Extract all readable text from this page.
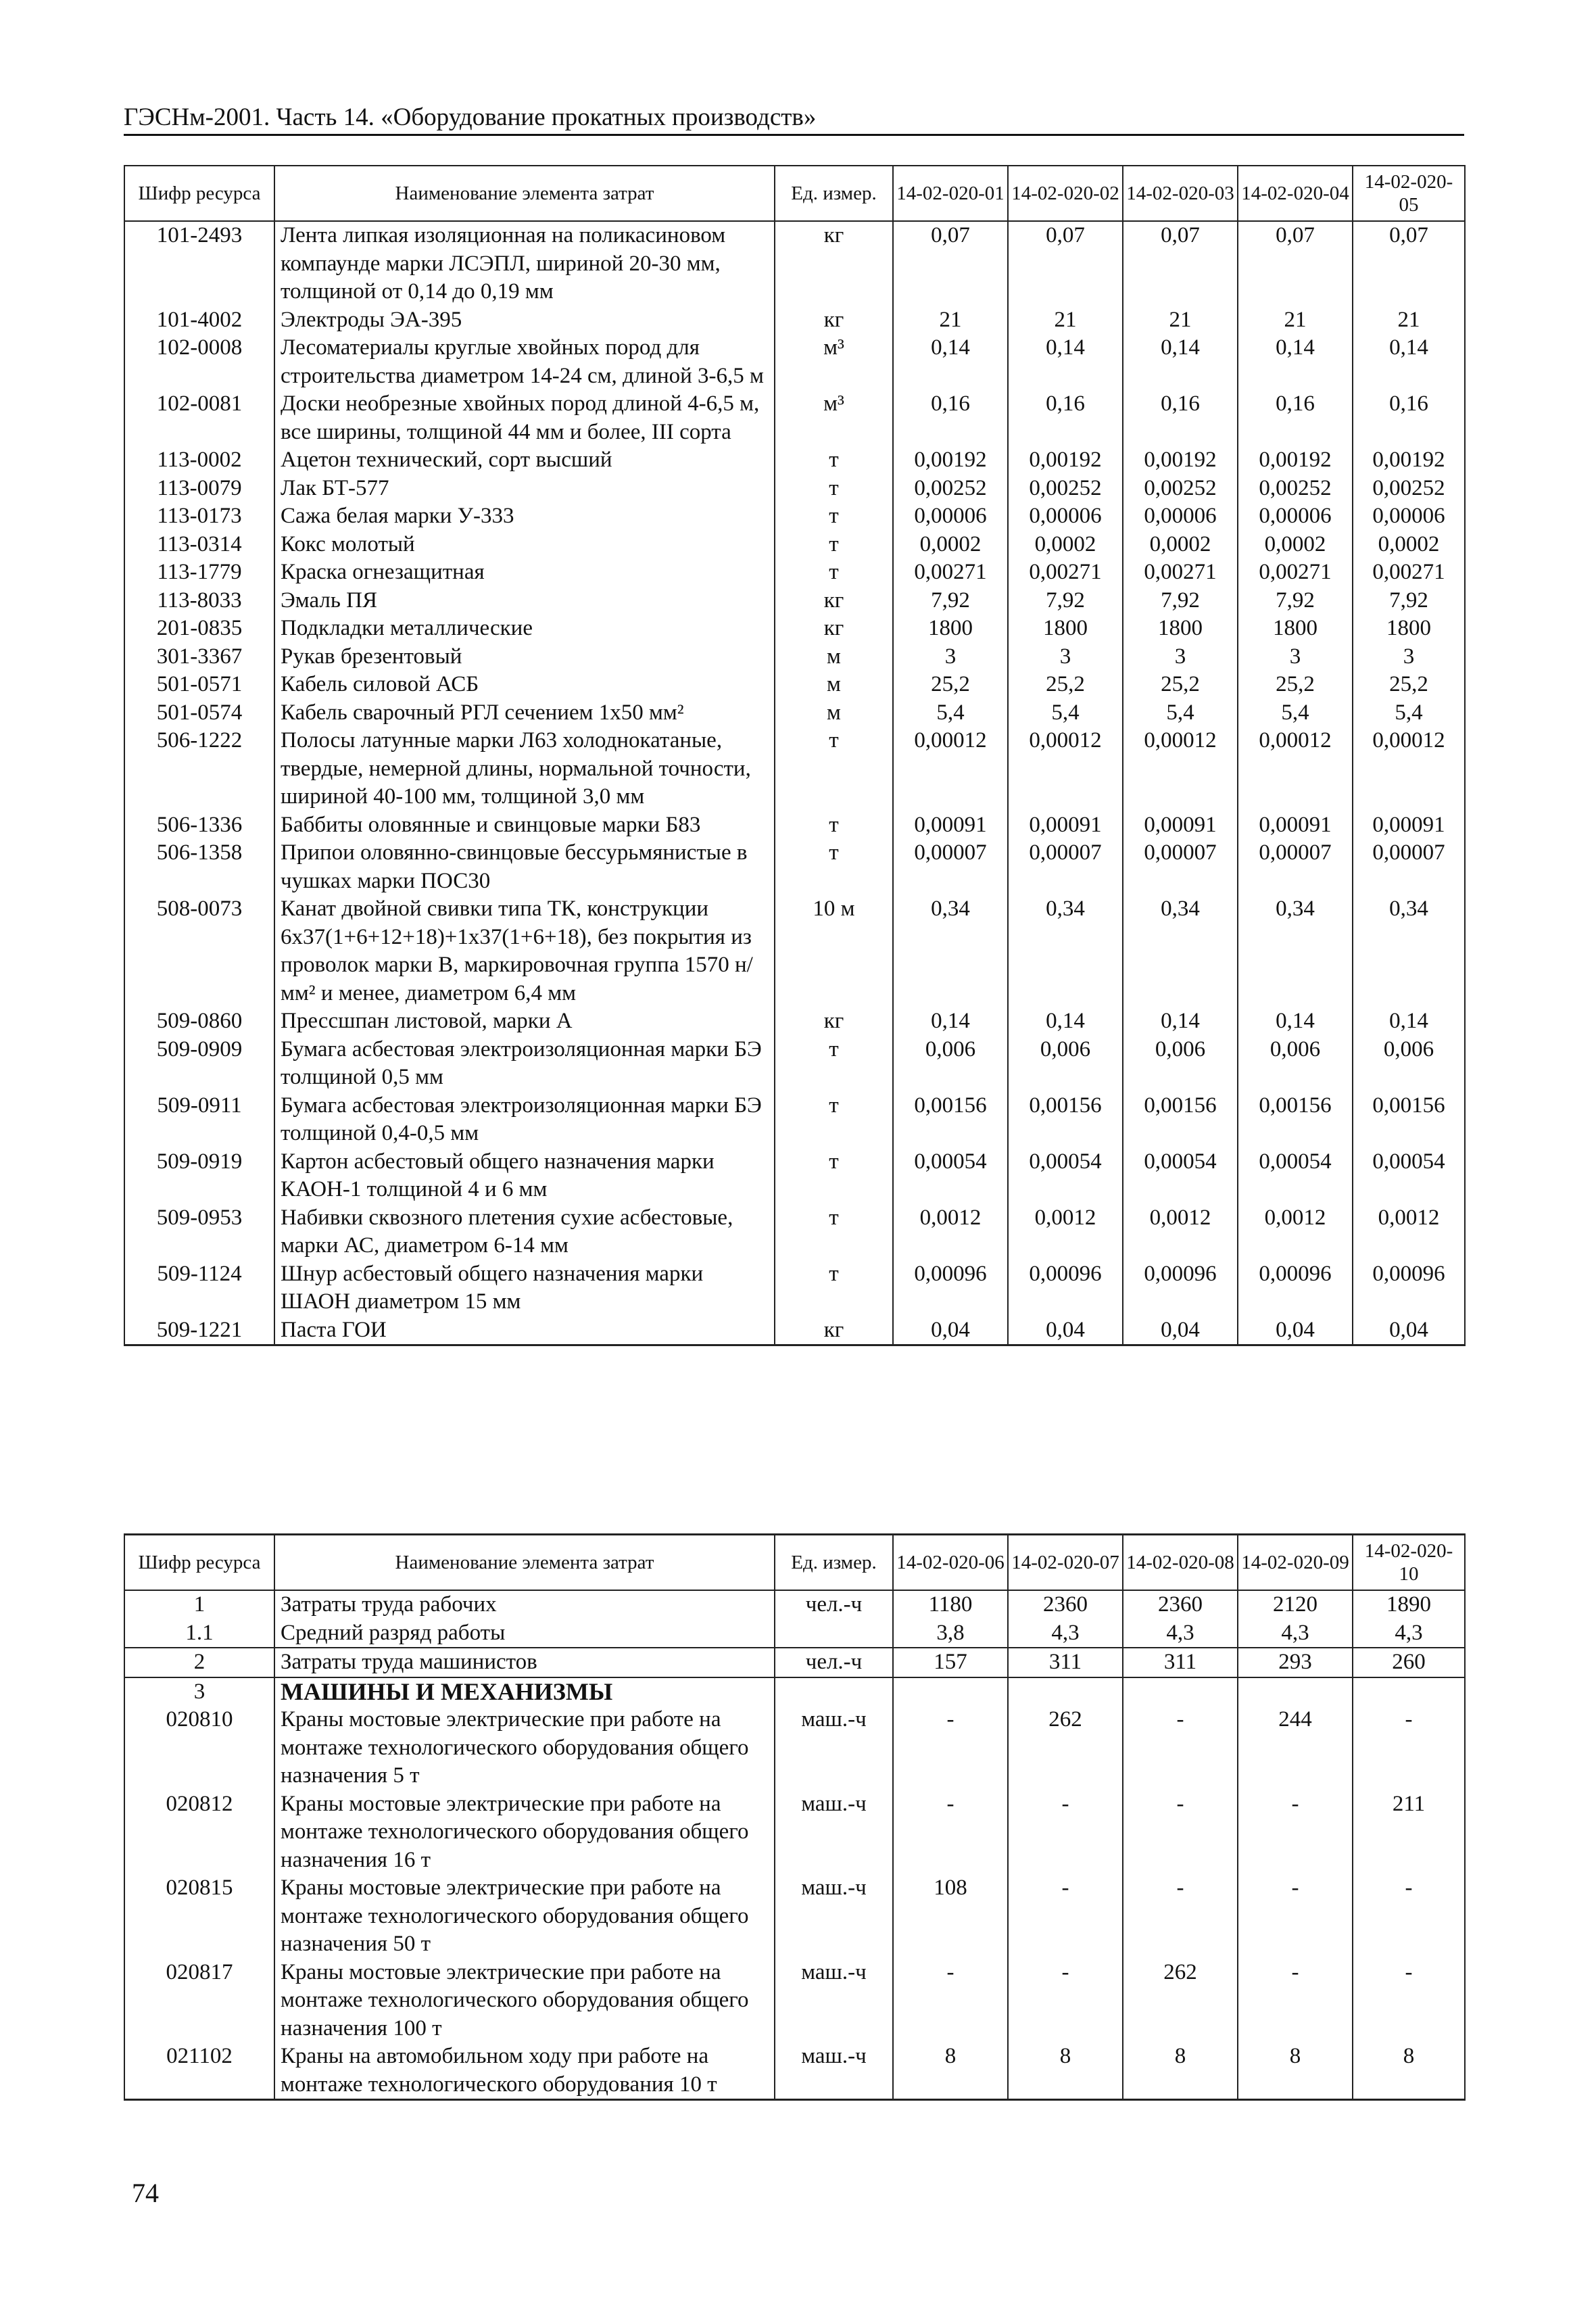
ГЭСНм-2001. Часть 14. «Оборудование прокатных производств»
Шифр ресурса	Наименование элемента затрат	Ед. измер.	14-02-020-01	14-02-020-02	14-02-020-03	14-02-020-04	14-02-020-05
101-2493	Лента липкая изоляционная на поликасиновом компаунде марки ЛСЭПЛ, шириной 20-30 мм, толщиной от 0,14 до 0,19 мм	кг	0,07	0,07	0,07	0,07	0,07
101-4002	Электроды ЭА-395	кг	21	21	21	21	21
102-0008	Лесоматериалы круглые хвойных пород для строительства диаметром 14-24 см, длиной 3-6,5 м	м³	0,14	0,14	0,14	0,14	0,14
102-0081	Доски необрезные хвойных пород длиной 4-6,5 м, все ширины, толщиной 44 мм и более, III сорта	м³	0,16	0,16	0,16	0,16	0,16
113-0002	Ацетон технический, сорт высший	т	0,00192	0,00192	0,00192	0,00192	0,00192
113-0079	Лак БТ-577	т	0,00252	0,00252	0,00252	0,00252	0,00252
113-0173	Сажа белая марки У-333	т	0,00006	0,00006	0,00006	0,00006	0,00006
113-0314	Кокс молотый	т	0,0002	0,0002	0,0002	0,0002	0,0002
113-1779	Краска огнезащитная	т	0,00271	0,00271	0,00271	0,00271	0,00271
113-8033	Эмаль ПЯ	кг	7,92	7,92	7,92	7,92	7,92
201-0835	Подкладки металлические	кг	1800	1800	1800	1800	1800
301-3367	Рукав брезентовый	м	3	3	3	3	3
501-0571	Кабель силовой АСБ	м	25,2	25,2	25,2	25,2	25,2
501-0574	Кабель сварочный РГЛ сечением 1х50 мм²	м	5,4	5,4	5,4	5,4	5,4
506-1222	Полосы латунные марки Л63 холоднокатаные, твердые, немерной длины, нормальной точности, шириной 40-100 мм, толщиной 3,0 мм	т	0,00012	0,00012	0,00012	0,00012	0,00012
506-1336	Баббиты оловянные и свинцовые марки Б83	т	0,00091	0,00091	0,00091	0,00091	0,00091
506-1358	Припои оловянно-свинцовые бессурьмянистые в чушках марки ПОС30	т	0,00007	0,00007	0,00007	0,00007	0,00007
508-0073	Канат двойной свивки типа ТК, конструкции 6х37(1+6+12+18)+1х37(1+6+18), без покрытия из проволок марки В, маркировочная группа 1570 н/мм² и менее, диаметром 6,4 мм	10 м	0,34	0,34	0,34	0,34	0,34
509-0860	Прессшпан листовой, марки А	кг	0,14	0,14	0,14	0,14	0,14
509-0909	Бумага асбестовая электроизоляционная марки БЭ толщиной 0,5 мм	т	0,006	0,006	0,006	0,006	0,006
509-0911	Бумага асбестовая электроизоляционная марки БЭ толщиной 0,4-0,5 мм	т	0,00156	0,00156	0,00156	0,00156	0,00156
509-0919	Картон асбестовый общего назначения марки КАОН-1 толщиной 4 и 6 мм	т	0,00054	0,00054	0,00054	0,00054	0,00054
509-0953	Набивки сквозного плетения сухие асбестовые, марки АС, диаметром 6-14 мм	т	0,0012	0,0012	0,0012	0,0012	0,0012
509-1124	Шнур асбестовый общего назначения марки ШАОН диаметром 15 мм	т	0,00096	0,00096	0,00096	0,00096	0,00096
509-1221	Паста ГОИ	кг	0,04	0,04	0,04	0,04	0,04
Шифр ресурса	Наименование элемента затрат	Ед. измер.	14-02-020-06	14-02-020-07	14-02-020-08	14-02-020-09	14-02-020-10
1	Затраты труда рабочих	чел.-ч	1180	2360	2360	2120	1890
1.1	Средний разряд работы		3,8	4,3	4,3	4,3	4,3
2	Затраты труда машинистов	чел.-ч	157	311	311	293	260
3	МАШИНЫ И МЕХАНИЗМЫ						
020810	Краны мостовые электрические при работе на монтаже технологического оборудования общего назначения 5 т	маш.-ч	-	262	-	244	-
020812	Краны мостовые электрические при работе на монтаже технологического оборудования общего назначения 16 т	маш.-ч	-	-	-	-	211
020815	Краны мостовые электрические при работе на монтаже технологического оборудования общего назначения 50 т	маш.-ч	108	-	-	-	-
020817	Краны мостовые электрические при работе на монтаже технологического оборудования общего назначения 100 т	маш.-ч	-	-	262	-	-
021102	Краны на автомобильном ходу при работе на монтаже технологического оборудования 10 т	маш.-ч	8	8	8	8	8
74
